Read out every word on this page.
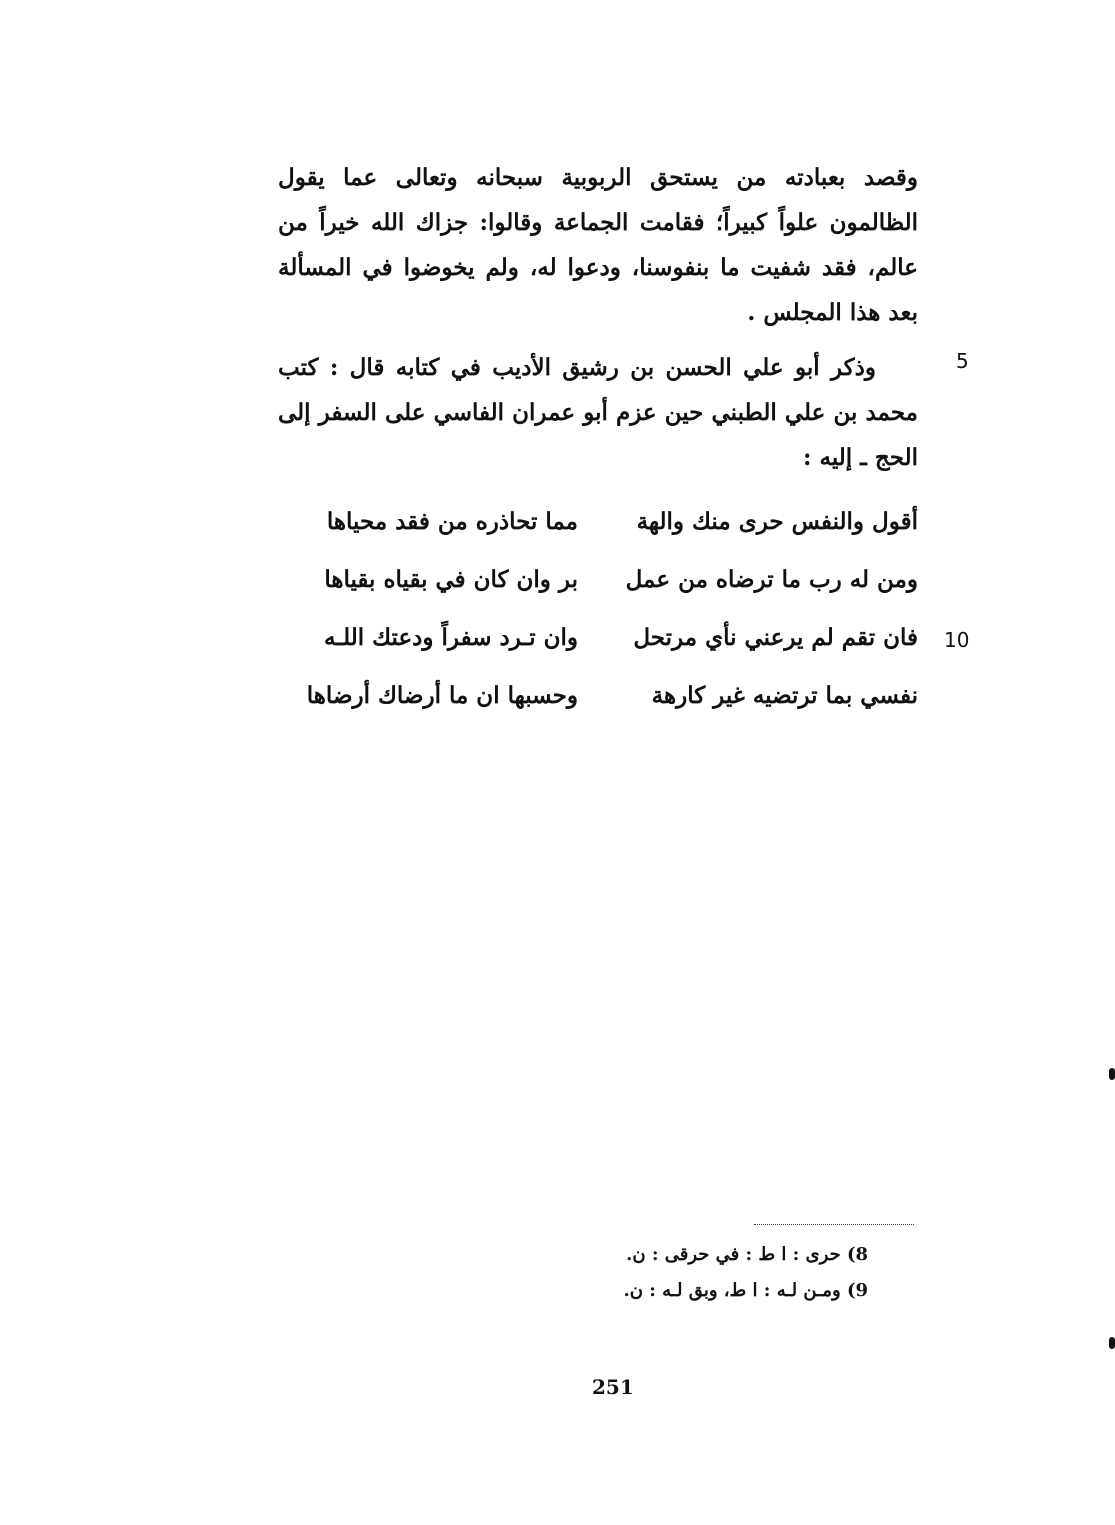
وقصد بعبادته من يستحق الربوبية سبحانه وتعالى عما يقول الظالمون علواً كبيراً؛ فقامت الجماعة وقالوا: جزاك الله خيراً من عالم، فقد شفيت ما بنفوسنا، ودعوا له، ولم يخوضوا في المسألة بعد هذا المجلس .
5
وذكر أبو علي الحسن بن رشيق الأديب في كتابه قال : كتب محمد بن علي الطبني حين عزم أبو عمران الفاسي على السفر إلى الحج ـ إليه :
أقول والنفس حرى منك والهة
مما تحاذره من فقد محياها
ومن له رب ما ترضاه من عمل
بر وان كان في بقياه بقياها
10
فان تقم لم يرعني نأي مرتحل
وان تـرد سفراً ودعتك اللـه
نفسي بما ترتضيه غير كارهة
وحسبها ان ما أرضاك أرضاها
8) حرى : ا ط : في حرقى : ن.
9) ومـن لـه : ا ط، وبق لـه : ن.
251
